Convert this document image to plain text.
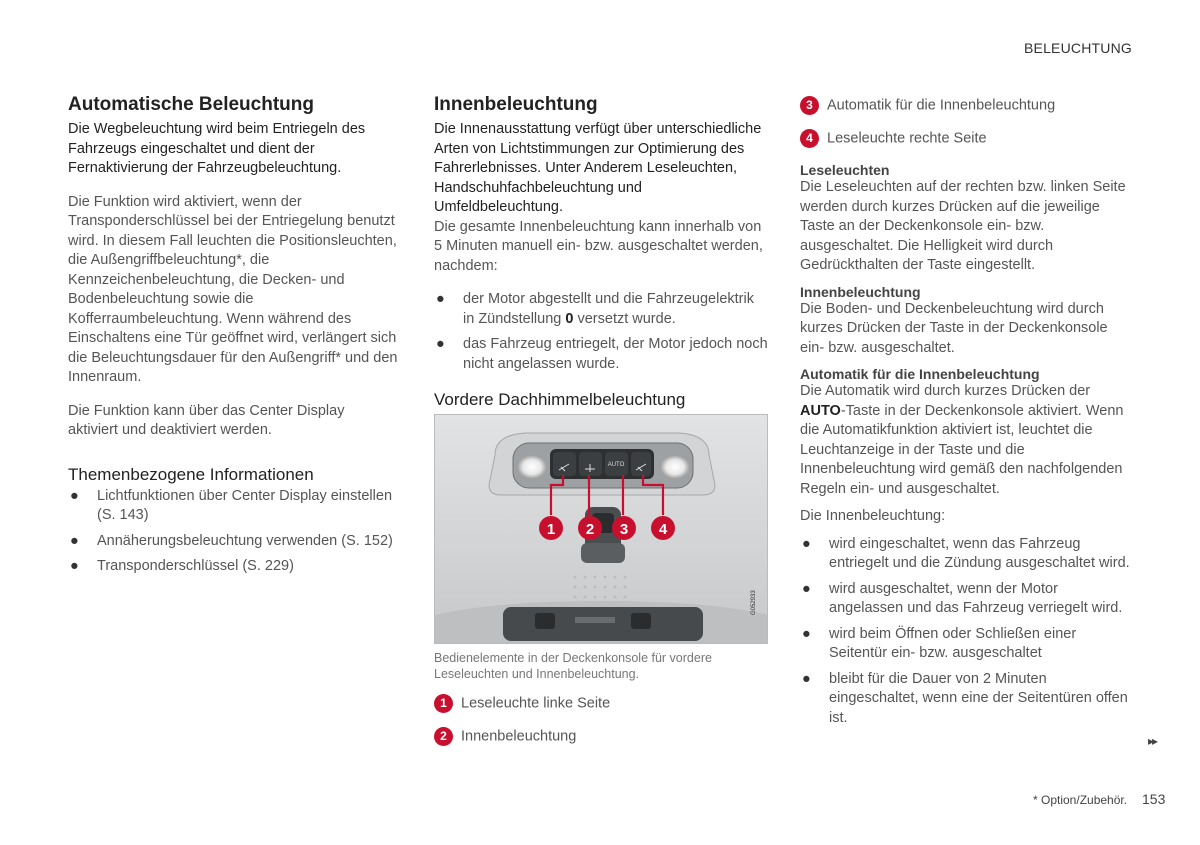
BELEUCHTUNG
Automatische Beleuchtung

Die Wegbeleuchtung wird beim Entriegeln des Fahrzeugs eingeschaltet und dient der Fernaktivierung der Fahrzeugbeleuchtung.

Die Funktion wird aktiviert, wenn der Transponderschlüssel bei der Entriegelung benutzt wird. In diesem Fall leuchten die Positionsleuchten, die Außengriffbeleuchtung*, die Kennzeichenbeleuchtung, die Decken- und Bodenbeleuchtung sowie die Kofferraumbeleuchtung. Wenn während des Einschaltens eine Tür geöffnet wird, verlängert sich die Beleuchtungsdauer für den Außengriff* und den Innenraum.

Die Funktion kann über das Center Display aktiviert und deaktiviert werden.

Themenbezogene Informationen
● Lichtfunktionen über Center Display einstellen (S. 143)
● Annäherungsbeleuchtung verwenden (S. 152)
● Transponderschlüssel (S. 229)
Innenbeleuchtung

Die Innenausstattung verfügt über unterschiedliche Arten von Lichtstimmungen zur Optimierung des Fahrerlebnisses. Unter Anderem Leseleuchten, Handschuhfachbeleuchtung und Umfeldbeleuchtung.

Die gesamte Innenbeleuchtung kann innerhalb von 5 Minuten manuell ein- bzw. ausgeschaltet werden, nachdem:

● der Motor abgestellt und die Fahrzeugelektrik in Zündstellung 0 versetzt wurde.
● das Fahrzeug entriegelt, der Motor jedoch noch nicht angelassen wurde.
Vordere Dachhimmelbeleuchtung
AUTO
G052933
1 2 3 4
Bedienelemente in der Deckenkonsole für vordere Leseleuchten und Innenbeleuchtung.
1 Leseleuchte linke Seite
2 Innenbeleuchtung
3 Automatik für die Innenbeleuchtung
4 Leseleuchte rechte Seite
Leseleuchten

Die Leseleuchten auf der rechten bzw. linken Seite werden durch kurzes Drücken auf die jeweilige Taste an der Deckenkonsole ein- bzw. ausgeschaltet. Die Helligkeit wird durch Gedrückthalten der Taste eingestellt.

Innenbeleuchtung

Die Boden- und Deckenbeleuchtung wird durch kurzes Drücken der Taste in der Deckenkonsole ein- bzw. ausgeschaltet.

Automatik für die Innenbeleuchtung

Die Automatik wird durch kurzes Drücken der AUTO-Taste in der Deckenkonsole aktiviert. Wenn die Automatikfunktion aktiviert ist, leuchtet die Leuchtanzeige in der Taste und die Innenbeleuchtung wird gemäß den nachfolgenden Regeln ein- und ausgeschaltet.

Die Innenbeleuchtung:

● wird eingeschaltet, wenn das Fahrzeug entriegelt und die Zündung ausgeschaltet wird.
● wird ausgeschaltet, wenn der Motor angelassen und das Fahrzeug verriegelt wird.
● wird beim Öffnen oder Schließen einer Seitentür ein- bzw. ausgeschaltet
● bleibt für die Dauer von 2 Minuten eingeschaltet, wenn eine der Seitentüren offen ist.
▸▸
* Option/Zubehör. 153
